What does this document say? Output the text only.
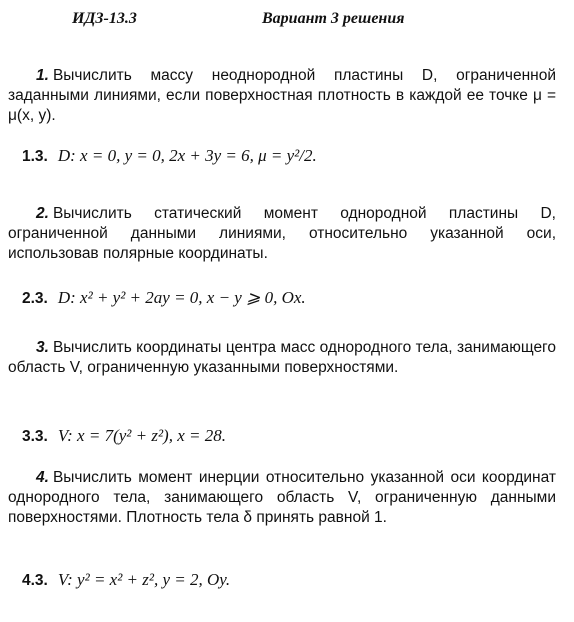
ИДЗ-13.3	Вариант 3 решения
1. Вычислить массу неоднородной пластины D, ограниченной заданными линиями, если поверхностная плотность в каждой ее точке μ = μ(x, y).
1.3. D: x = 0, y = 0, 2x + 3y = 6, μ = y²/2.
2. Вычислить статический момент однородной пластины D, ограниченной данными линиями, относительно указанной оси, использовав полярные координаты.
2.3. D: x² + y² + 2ay = 0, x − y ⩾ 0, Ox.
3. Вычислить координаты центра масс однородного тела, занимающего область V, ограниченную указанными поверхностями.
3.3. V: x = 7(y² + z²), x = 28.
4. Вычислить момент инерции относительно указанной оси координат однородного тела, занимающего область V, ограниченную данными поверхностями. Плотность тела δ принять равной 1.
4.3. V: y² = x² + z², y = 2, Oy.
